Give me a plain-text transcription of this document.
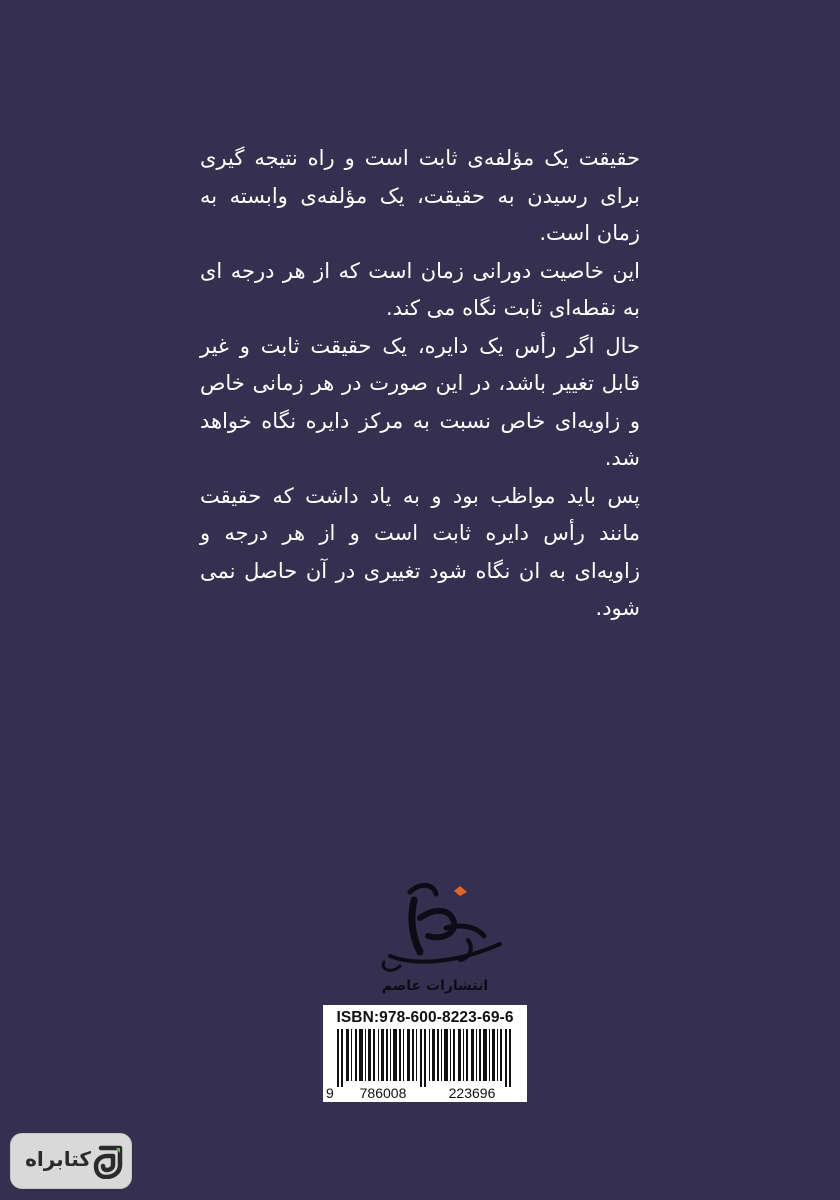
حقیقت یک مؤلفه‌ی ثابت است و راه نتیجه گیری برای رسیدن به حقیقت، یک مؤلفه‌ی وابسته به زمان است.

این خاصیت دورانی زمان است که از هر درجه ای به نقطه‌ای ثابت نگاه می کند.

حال اگر رأس یک دایره، یک حقیقت ثابت و غیر قابل تغییر باشد، در این صورت در هر زمانی خاص و زاویه‌ای خاص نسبت به مرکز دایره نگاه خواهد شد.

پس باید مواظب بود و به یاد داشت که حقیقت مانند رأس دایره ثابت است و از هر درجه و زاویه‌ای به ان نگاه شود تغییری در آن حاصل نمی شود.

انتشارات عاصم
ISBN:978-600-8223-69-6
9	786008	223696
کتابراه
